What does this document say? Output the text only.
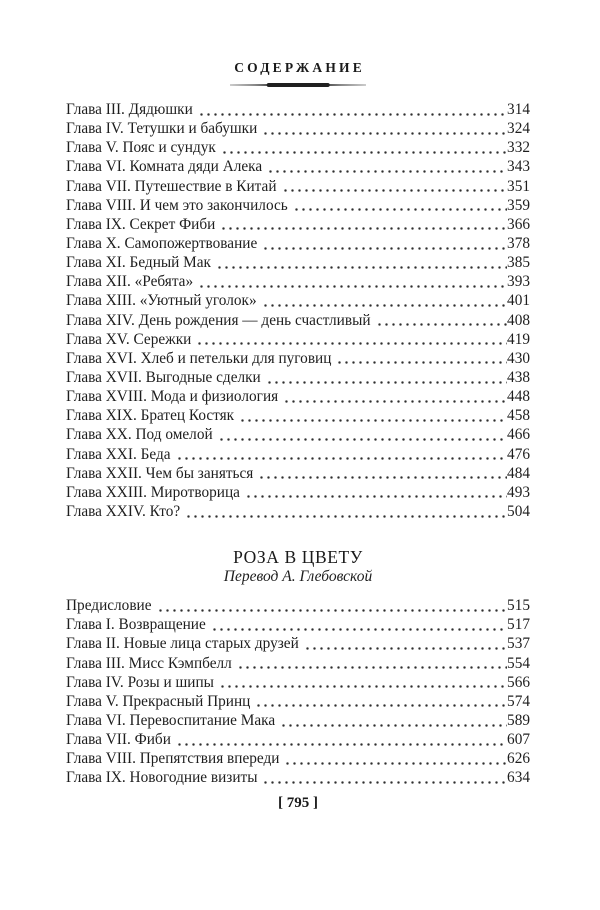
СОДЕРЖАНИЕ
Глава III. Дядюшки	314
Глава IV. Тетушки и бабушки	324
Глава V. Пояс и сундук	332
Глава VI. Комната дяди Алека	343
Глава VII. Путешествие в Китай	351
Глава VIII. И чем это закончилось	359
Глава IX. Секрет Фиби	366
Глава X. Самопожертвование	378
Глава XI. Бедный Мак	385
Глава XII. «Ребята»	393
Глава XIII. «Уютный уголок»	401
Глава XIV. День рождения — день счастливый	408
Глава XV. Сережки	419
Глава XVI. Хлеб и петельки для пуговиц	430
Глава XVII. Выгодные сделки	438
Глава XVIII. Мода и физиология	448
Глава XIX. Братец Костяк	458
Глава XX. Под омелой	466
Глава XXI. Беда	476
Глава XXII. Чем бы заняться	484
Глава XXIII. Миротворица	493
Глава XXIV. Кто?	504
РОЗА В ЦВЕТУ
Перевод А. Глебовской
Предисловие	515
Глава I. Возвращение	517
Глава II. Новые лица старых друзей	537
Глава III. Мисс Кэмпбелл	554
Глава IV. Розы и шипы	566
Глава V. Прекрасный Принц	574
Глава VI. Перевоспитание Мака	589
Глава VII. Фиби	607
Глава VIII. Препятствия впереди	626
Глава IX. Новогодние визиты	634
[ 795 ]
